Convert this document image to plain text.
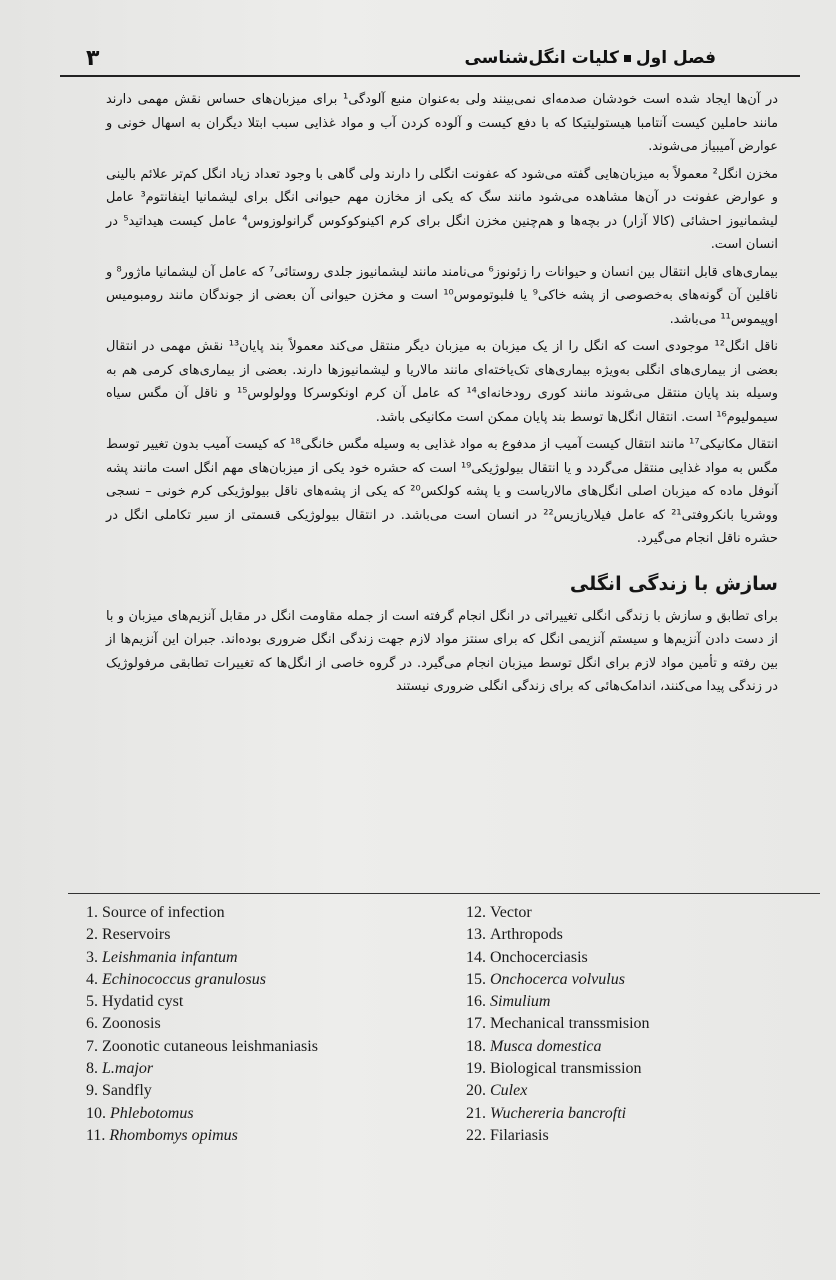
۳	فصل اولکلیات انگل‌شناسی

در آن‌ها ایجاد شده است خودشان صدمه‌ای نمی‌بینند ولی به‌عنوان منبع آلودگی¹ برای میزبان‌های حساس نقش مهمی دارند مانند حاملین کیست آنتامبا هیستولیتیکا که با دفع کیست و آلوده کردن آب و مواد غذایی سبب ابتلا دیگران به اسهال خونی و عوارض آمیبیاز می‌شوند.

مخزن انگل² معمولاً به میزبان‌هایی گفته می‌شود که عفونت انگلی را دارند ولی گاهی با وجود تعداد زیاد انگل کم‌تر علائم بالینی و عوارض عفونت در آن‌ها مشاهده می‌شود مانند سگ که یکی از مخازن مهم حیوانی انگل برای لیشمانیا اینفانتوم³ عامل لیشمانیوز احشائی (کالا آزار) در بچه‌ها و هم‌چنین مخزن انگل برای کرم اکینوکوکوس گرانولوزوس⁴ عامل کیست هیداتید⁵ در انسان است.

بیماری‌های قابل انتقال بین انسان و حیوانات را زئونوز⁶ می‌نامند مانند لیشمانیوز جلدی روستائی⁷ که عامل آن لیشمانیا ماژور⁸ و ناقلین آن گونه‌های به‌خصوصی از پشه خاکی⁹ یا فلبوتوموس¹⁰ است و مخزن حیوانی آن بعضی از جوندگان مانند رومبومیس اوپیموس¹¹ می‌باشد.

ناقل انگل¹² موجودی است که انگل را از یک میزبان به میزبان دیگر منتقل می‌کند معمولاً بند پایان¹³ نقش مهمی در انتقال بعضی از بیماری‌های انگلی به‌ویژه بیماری‌های تک‌یاخته‌ای مانند مالاریا و لیشمانیوزها دارند. بعضی از بیماری‌های کرمی هم به وسیله بند پایان منتقل می‌شوند مانند کوری رودخانه‌ای¹⁴ که عامل آن کرم اونکوسرکا وولولوس¹⁵ و ناقل آن مگس سیاه سیمولیوم¹⁶ است. انتقال انگل‌ها توسط بند پایان ممکن است مکانیکی باشد.

انتقال مکانیکی¹⁷ مانند انتقال کیست آمیب از مدفوع به مواد غذایی به وسیله مگس خانگی¹⁸ که کیست آمیب بدون تغییر توسط مگس به مواد غذایی منتقل می‌گردد و یا انتقال بیولوژیکی¹⁹ است که حشره خود یکی از میزبان‌های مهم انگل است مانند پشه آنوفل ماده که میزبان اصلی انگل‌های مالاریاست و یا پشه کولکس²⁰ که یکی از پشه‌های ناقل بیولوژیکی کرم خونی – نسجی ووشریا بانکروفتی²¹ که عامل فیلاریازیس²² در انسان است می‌باشد. در انتقال بیولوژیکی قسمتی از سیر تکاملی انگل در حشره ناقل انجام می‌گیرد.

سازش با زندگی انگلی

برای تطابق و سازش با زندگی انگلی تغییراتی در انگل انجام گرفته است از جمله مقاومت انگل در مقابل آنزیم‌های میزبان و با از دست دادن آنزیم‌ها و سیستم آنزیمی انگل که برای سنتز مواد لازم جهت زندگی انگل ضروری بوده‌اند. جبران این آنزیم‌ها از بین رفته و تأمین مواد لازم برای انگل توسط میزبان انجام می‌گیرد. در گروه خاصی از انگل‌ها که تغییرات تطابقی مرفولوژیک در زندگی پیدا می‌کنند، اندامک‌هائی که برای زندگی انگلی ضروری نیستند

1. Source of infection
2. Reservoirs
3. Leishmania infantum
4. Echinococcus granulosus
5. Hydatid cyst
6. Zoonosis
7. Zoonotic cutaneous leishmaniasis
8. L.major
9. Sandfly
10. Phlebotomus
11. Rhombomys opimus
12. Vector
13. Arthropods
14. Onchocerciasis
15. Onchocerca volvulus
16. Simulium
17. Mechanical transsmision
18. Musca domestica
19. Biological transmission
20. Culex
21. Wuchereria bancrofti
22. Filariasis
